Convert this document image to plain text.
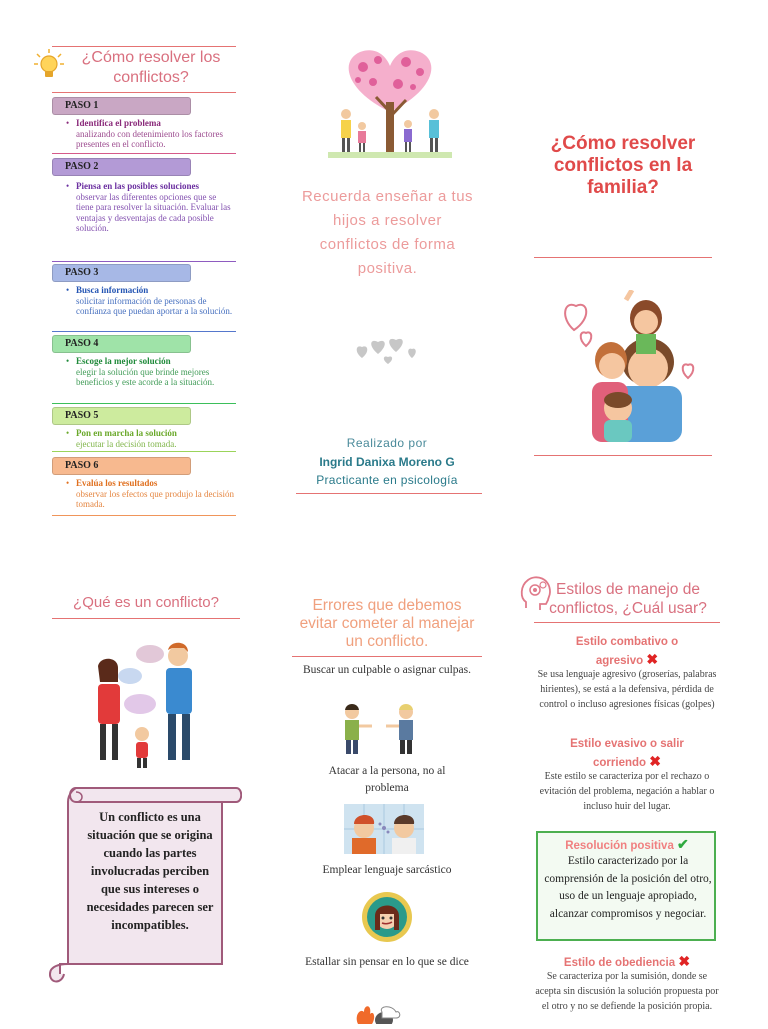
¿Cómo resolver los conflictos?
PASO 1
• Identifica el problema
analizando con detenimiento los factores presentes en el conflicto.
PASO 2
• Piensa en las posibles soluciones
observar las diferentes opciones que se tiene para resolver la situación. Evaluar las ventajas y desventajas de cada posible solución.
PASO 3
• Busca información
solicitar información de personas de confianza que puedan aportar a la solución.
PASO 4
• Escoge la mejor solución
elegir la solución que brinde mejores beneficios y este acorde a la situación.
PASO 5
• Pon en marcha la solución
ejecutar la decisión tomada.
PASO 6
• Evalúa los resultados
observar los efectos que produjo la decisión tomada.
Recuerda enseñar a tus hijos a resolver conflictos de forma positiva.
Realizado por
Ingrid Danixa Moreno G
Practicante en psicología
¿Cómo resolver conflictos en la familia?
¿Qué es un conflicto?
Un conflicto es una situación que se origina cuando las partes involucradas perciben que sus intereses o necesidades parecen ser incompatibles.
Errores que debemos evitar cometer al manejar un conflicto.
Buscar un culpable o asignar culpas.
Atacar a la persona, no al problema
Emplear lenguaje sarcástico
Estallar sin pensar en lo que se dice
Estilos de manejo de conflictos, ¿Cuál usar?
Estilo combativo o agresivo ✖
Se usa lenguaje agresivo (groserías, palabras hirientes), se está a la defensiva, pérdida de control o incluso agresiones físicas (golpes)
Estilo evasivo o salir corriendo ✖
Este estilo se caracteriza por el rechazo o evitación del problema, negación a hablar o incluso huir del lugar.
Resolución positiva ✔
Estilo caracterizado por la comprensión de la posición del otro, uso de un lenguaje apropiado, alcanzar compromisos y negociar.
Estilo de obediencia ✖
Se caracteriza por la sumisión, donde se acepta sin discusión la solución propuesta por el otro y no se defiende la posición propia.
